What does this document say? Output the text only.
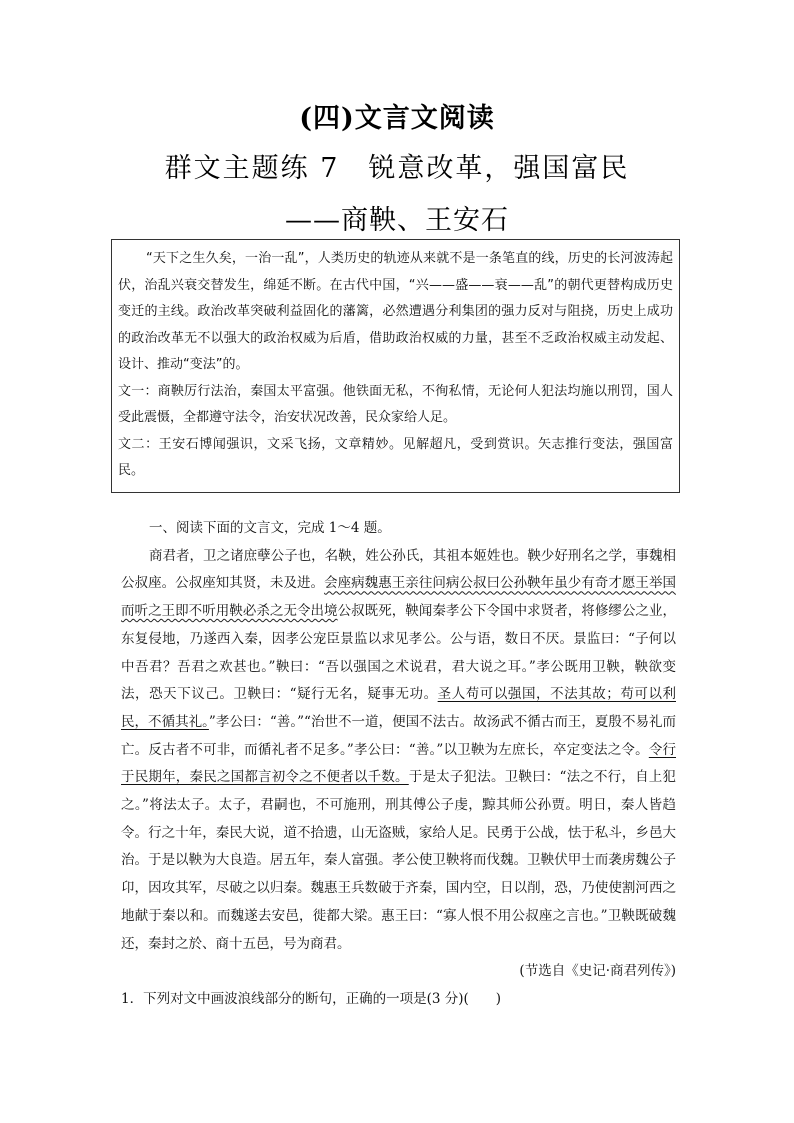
(四)文言文阅读
群文主题练 7　锐意改革，强国富民
——商鞅、王安石

“天下之生久矣，一治一乱”，人类历史的轨迹从来就不是一条笔直的线，历史的长河波涛起伏，治乱兴衰交替发生，绵延不断。在古代中国，“兴——盛——衰——乱”的朝代更替构成历史变迁的主线。政治改革突破利益固化的藩篱，必然遭遇分利集团的强力反对与阻挠，历史上成功的政治改革无不以强大的政治权威为后盾，借助政治权威的力量，甚至不乏政治权威主动发起、设计、推动“变法”的。

文一：商鞅厉行法治，秦国太平富强。他铁面无私，不徇私情，无论何人犯法均施以刑罚，国人受此震慑，全都遵守法令，治安状况改善，民众家给人足。

文二：王安石博闻强识，文采飞扬，文章精妙。见解超凡，受到赏识。矢志推行变法，强国富民。

一、阅读下面的文言文，完成 1～4 题。

商君者，卫之诸庶孽公子也，名鞅，姓公孙氏，其祖本姬姓也。鞅少好刑名之学，事魏相公叔座。公叔座知其贤，未及进。会座病魏惠王亲往问病公叔曰公孙鞅年虽少有奇才愿王举国而听之王即不听用鞅必杀之无令出境公叔既死，鞅闻秦孝公下令国中求贤者，将修缪公之业，东复侵地，乃遂西入秦，因孝公宠臣景监以求见孝公。公与语，数日不厌。景监曰：“子何以中吾君？吾君之欢甚也。”鞅曰：“吾以强国之术说君，君大说之耳。”孝公既用卫鞅，鞅欲变法，恐天下议己。卫鞅曰：“疑行无名，疑事无功。圣人苟可以强国，不法其故；苟可以利民，不循其礼。”孝公曰：“善。”“治世不一道，便国不法古。故汤武不循古而王，夏殷不易礼而亡。反古者不可非，而循礼者不足多。”孝公曰：“善。”以卫鞅为左庶长，卒定变法之令。令行于民期年，秦民之国都言初令之不便者以千数。于是太子犯法。卫鞅曰：“法之不行，自上犯之。”将法太子。太子，君嗣也，不可施刑，刑其傅公子虔，黥其师公孙贾。明日，秦人皆趋令。行之十年，秦民大说，道不拾遗，山无盗贼，家给人足。民勇于公战，怯于私斗，乡邑大治。于是以鞅为大良造。居五年，秦人富强。孝公使卫鞅将而伐魏。卫鞅伏甲士而袭虏魏公子卬，因攻其军，尽破之以归秦。魏惠王兵数破于齐秦，国内空，日以削，恐，乃使使割河西之地献于秦以和。而魏遂去安邑，徙都大梁。惠王曰：“寡人恨不用公叔座之言也。”卫鞅既破魏还，秦封之於、商十五邑，号为商君。

(节选自《史记·商君列传》)

1．下列对文中画波浪线部分的断句，正确的一项是(3 分)(　　)
